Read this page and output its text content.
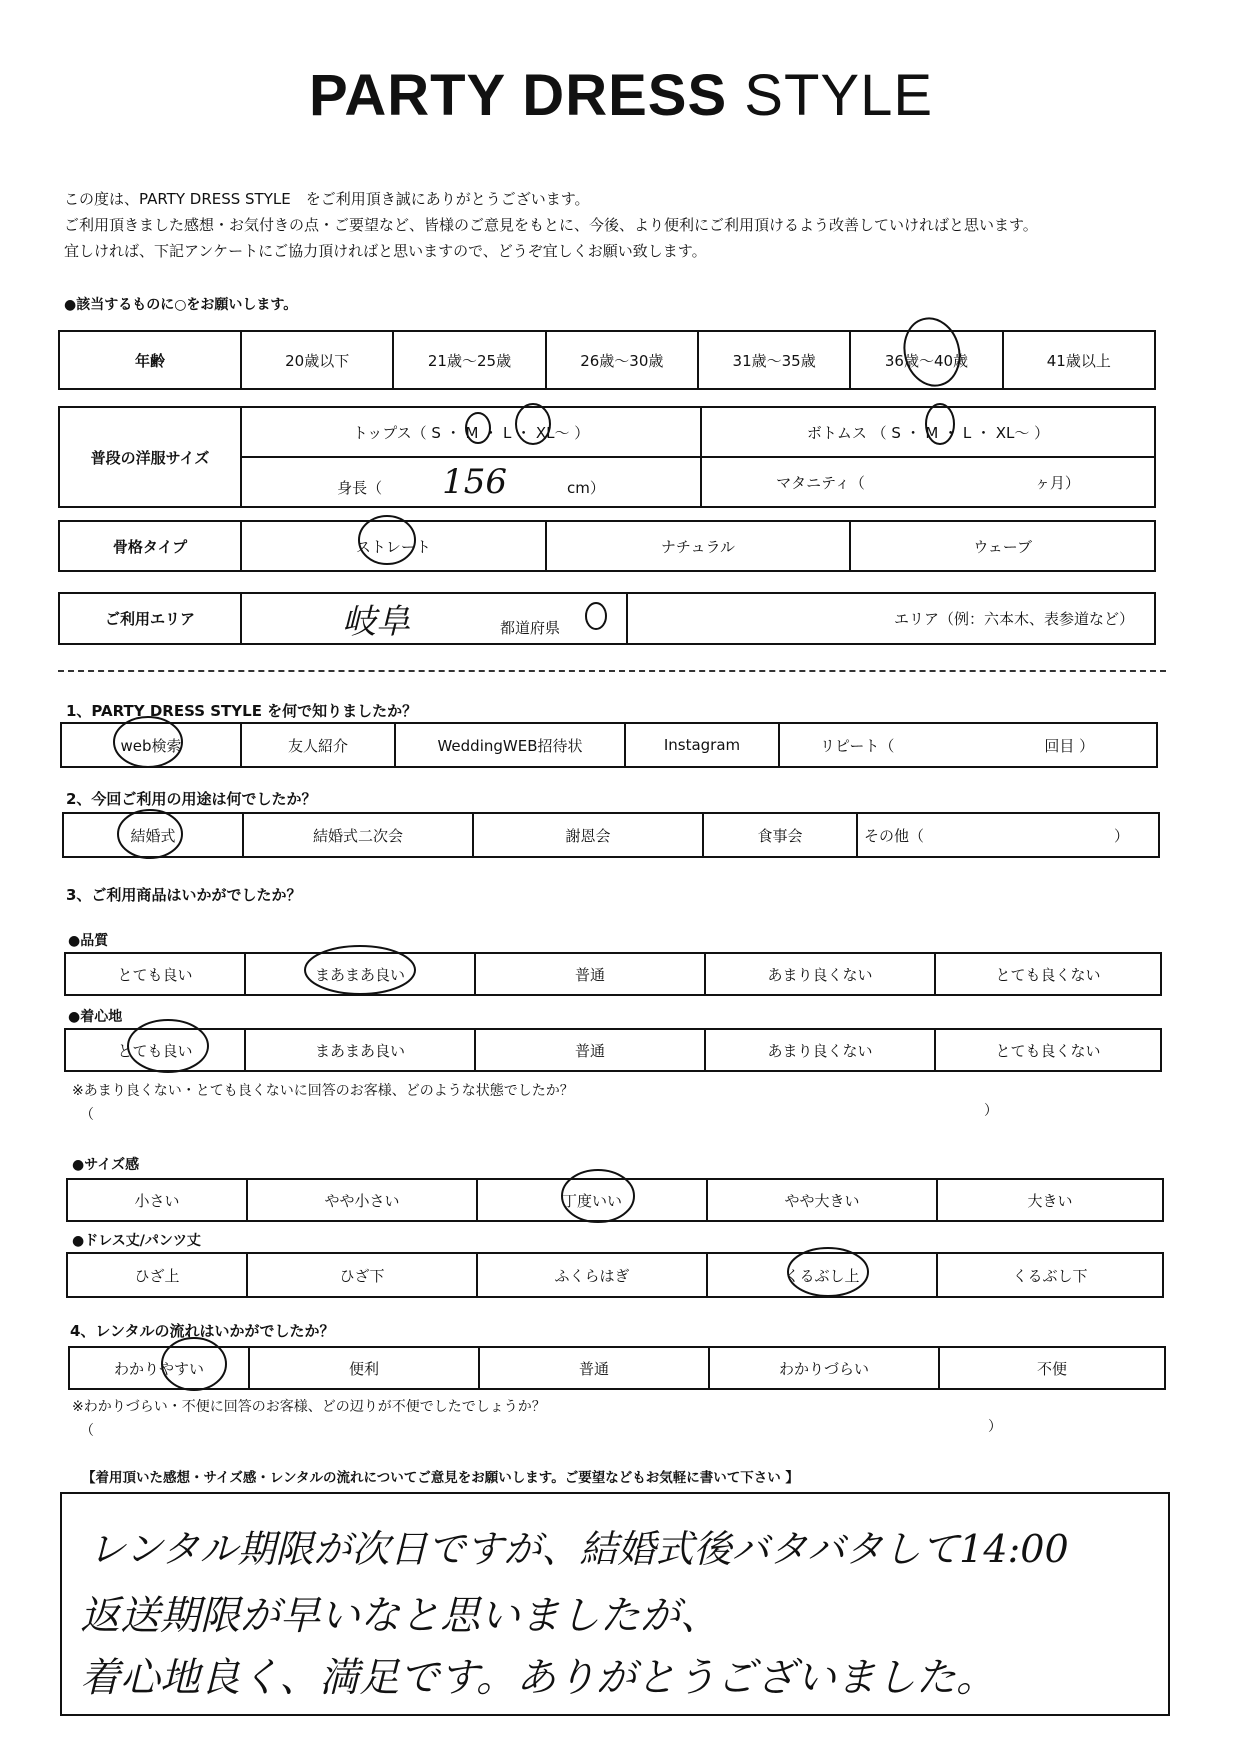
PARTY DRESS STYLE
この度は、PARTY DRESS STYLE　をご利用頂き誠にありがとうございます。
ご利用頂きました感想・お気付きの点・ご要望など、皆様のご意見をもとに、今後、より便利にご利用頂けるよう改善していければと思います。
宜しければ、下記アンケートにご協力頂ければと思いますので、どうぞ宜しくお願い致します。
●該当するものに○をお願いします。
年齢	20歳以下	21歳〜25歳	26歳〜30歳	31歳〜35歳	36歳〜40歳	41歳以上
普段の洋服サイズ	トップス（ S ・ M ・ L ・ XL〜 ）	ボトムス （ S ・ M ・ L ・ XL〜 ）
	身長（ 156 cm）	マタニティ（ ヶ月）
骨格タイプ	ストレート	ナチュラル	ウェーブ
ご利用エリア	岐阜	都道府県	エリア（例：六本木、表参道など）
1、PARTY DRESS STYLE を何で知りましたか？
web検索	友人紹介	WeddingWEB招待状	Instagram	リピート（	回目 ）
2、今回ご利用の用途は何でしたか？
結婚式	結婚式二次会	謝恩会	食事会	その他（	）
3、ご利用商品はいかがでしたか？
●品質
とても良い	まあまあ良い	普通	あまり良くない	とても良くない
●着心地
とても良い	まあまあ良い	普通	あまり良くない	とても良くない
※あまり良くない・とても良くないに回答のお客様、どのような状態でしたか？
（	）
●サイズ感
小さい	やや小さい	丁度いい	やや大きい	大きい
●ドレス丈/パンツ丈
ひざ上	ひざ下	ふくらはぎ	くるぶし上	くるぶし下
4、レンタルの流れはいかがでしたか？
わかりやすい	便利	普通	わかりづらい	不便
※わかりづらい・不便に回答のお客様、どの辺りが不便でしたでしょうか？
（	）
【着用頂いた感想・サイズ感・レンタルの流れについてご意見をお願いします。ご要望などもお気軽に書いて下さい 】
レンタル期限が次日ですが、結婚式後バタバタして14:00
返送期限が早いなと思いましたが、
着心地良く、満足です。ありがとうございました。
